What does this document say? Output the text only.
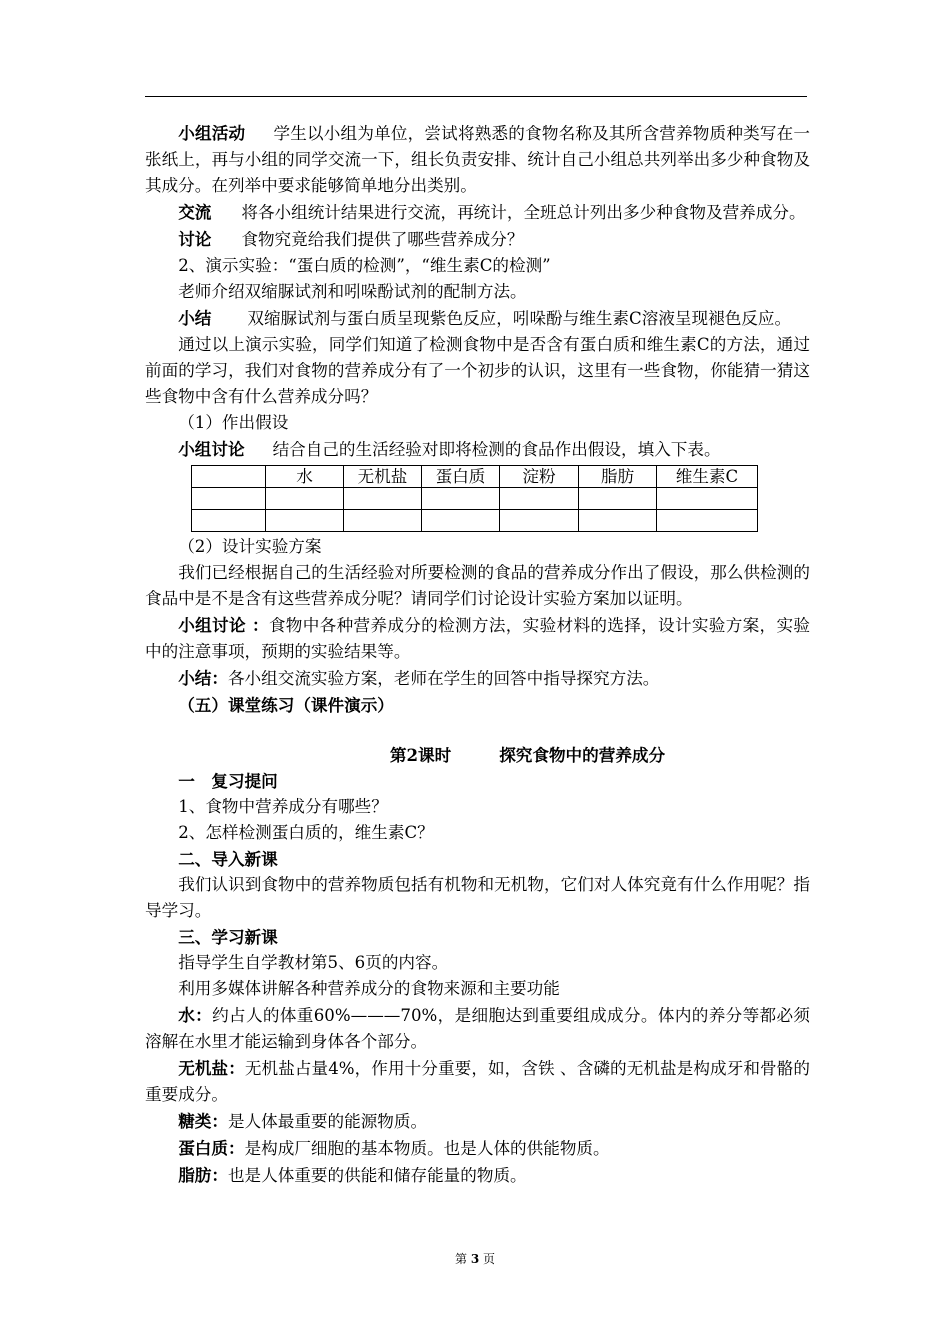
小组活动 学生以小组为单位，尝试将熟悉的食物名称及其所含营养物质种类写在一张纸上，再与小组的同学交流一下，组长负责安排、统计自己小组总共列举出多少种食物及其成分。在列举中要求能够简单地分出类别。

交流 将各小组统计结果进行交流，再统计，全班总计列出多少种食物及营养成分。

讨论 食物究竟给我们提供了哪些营养成分？

2、演示实验：“蛋白质的检测”，“维生素C的检测”

老师介绍双缩脲试剂和吲哚酚试剂的配制方法。

小结 双缩脲试剂与蛋白质呈现紫色反应，吲哚酚与维生素C溶液呈现褪色反应。

通过以上演示实验，同学们知道了检测食物中是否含有蛋白质和维生素C的方法，通过前面的学习，我们对食物的营养成分有了一个初步的认识，这里有一些食物，你能猜一猜这些食物中含有什么营养成分吗？

（1）作出假设

小组讨论 结合自己的生活经验对即将检测的食品作出假设，填入下表。

	水	无机盐	蛋白质	淀粉	脂肪	维生素C

（2）设计实验方案

我们已经根据自己的生活经验对所要检测的食品的营养成分作出了假设，那么供检测的食品中是不是含有这些营养成分呢？请同学们讨论设计实验方案加以证明。

小组讨论 ：食物中各种营养成分的检测方法，实验材料的选择，设计实验方案，实验中的注意事项，预期的实验结果等。

小结：各小组交流实验方案，老师在学生的回答中指导探究方法。

（五）课堂练习（课件演示）

第2课时	探究食物中的营养成分

一　复习提问

1、食物中营养成分有哪些？

2、怎样检测蛋白质的，维生素C？

二、导入新课

我们认识到食物中的营养物质包括有机物和无机物，它们对人体究竟有什么作用呢？指导学习。

三、学习新课

指导学生自学教材第5、6页的内容。

利用多媒体讲解各种营养成分的食物来源和主要功能

水：约占人的体重60%———70%，是细胞达到重要组成成分。体内的养分等都必须溶解在水里才能运输到身体各个部分。

无机盐：无机盐占量4%，作用十分重要，如，含铁 、含磷的无机盐是构成牙和骨骼的重要成分。

糖类：是人体最重要的能源物质。

蛋白质：是构成厂细胞的基本物质。也是人体的供能物质。

脂肪：也是人体重要的供能和储存能量的物质。

第 3 页
